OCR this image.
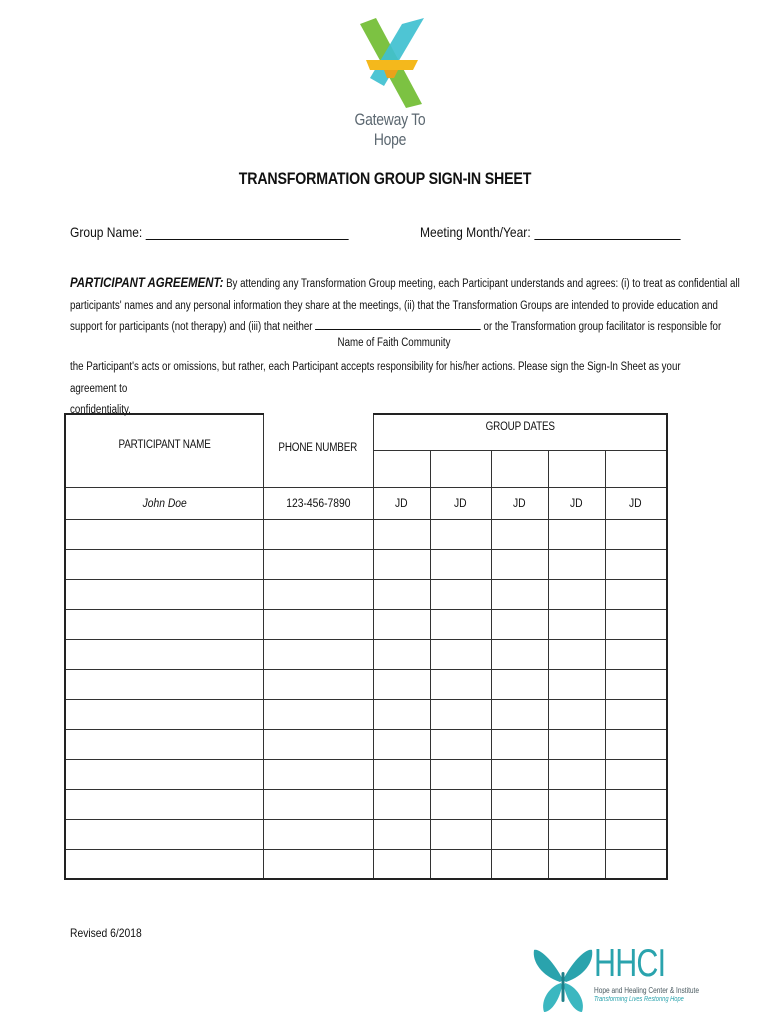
Gateway To Hope
TRANSFORMATION GROUP SIGN-IN SHEET
Group Name:	Meeting Month/Year:
PARTICIPANT AGREEMENT: By attending any Transformation Group meeting, each Participant understands and agrees: (i) to treat as confidential all
participants' names and any personal information they share at the meetings, (ii) that the Transformation Groups are intended to provide education and
support for participants (not therapy) and (iii) that neither	or the Transformation group facilitator is responsible for
Name of Faith Community
the Participant's acts or omissions, but rather, each Participant accepts responsibility for his/her actions. Please sign the Sign-In Sheet as your agreement to
confidentiality.
PARTICIPANT NAME	PHONE NUMBER	GROUP DATES				

John Doe	123-456-7890	JD	JD	JD	JD	JD

Revised 6/2018
HHCI
Hope and Healing Center & Institute
Transforming Lives Restoring Hope
